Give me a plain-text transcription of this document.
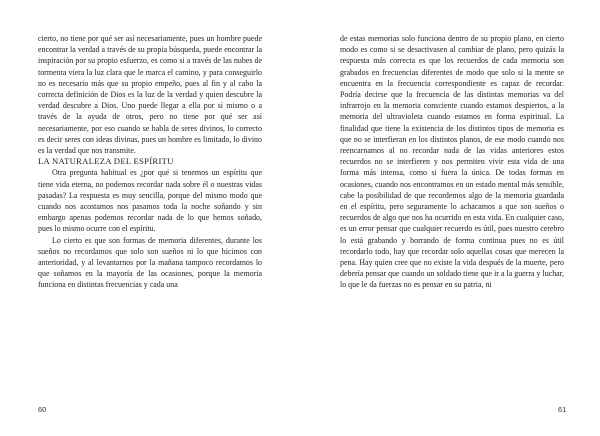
cierto, no tiene por qué ser así necesariamente, pues un hombre puede encontrar la verdad a través de su propia búsqueda, puede encontrar la inspiración por su propio esfuerzo, es como si a través de las nubes de tormenta viera la luz clara que le marca el camino, y para conseguirlo no es necesario más que su propio empeño, pues al fin y al cabo la correcta definición de Dios es la luz de la verdad y quien descubre la verdad descubre a Dios. Uno puede llegar a ella por sí mismo o a través de la ayuda de otros, pero no tiene por qué ser así necesariamente, por eso cuando se habla de seres divinos, lo correcto es decir seres con ideas divinas, pues un hombre es limitado, lo divino es la verdad que nos transmite.

LA NATURALEZA DEL ESPÍRITU

Otra pregunta habitual es ¿por qué si tenemos un espíritu que tiene vida eterna, no podemos recordar nada sobre él o nuestras vidas pasadas? La respuesta es muy sencilla, porque del mismo modo que cuando nos acostamos nos pasamos toda la noche soñando y sin embargo apenas podemos recordar nada de lo que hemos soñado, pues lo mismo ocurre con el espíritu.

Lo cierto es que son formas de memoria diferentes, durante los sueños no recordamos que solo son sueños ni lo que hicimos con anterioridad, y al levantarnos por la mañana tampoco recordamos lo que soñamos en la mayoría de las ocasiones, porque la memoria funciona en distintas frecuencias y cada una

60

de estas memorias solo funciona dentro de su propio plano, en cierto modo es como si se desactivasen al cambiar de plano, pero quizás la respuesta más correcta es que los recuerdos de cada memoria son grabados en frecuencias diferentes de modo que solo si la mente se encuentra en la frecuencia correspondiente es capaz de recordar. Podría decirse que la frecuencia de las distintas memorias va del infrarrojo en la memoria consciente cuando estamos despiertos, a la memoria del ultravioleta cuando estamos en forma espiritual. La finalidad que tiene la existencia de los distintos tipos de memoria es que no se interfieran en los distintos planos, de ese modo cuando nos reencarnamos al no recordar nada de las vidas anteriores estos recuerdos no se interfieren y nos permiten vivir esta vida de una forma más intensa, como si fuera la única. De todas formas en ocasiones, cuando nos encontramos en un estado mental más sensible, cabe la posibilidad de que recordemos algo de la memoria guardada en el espíritu, pero seguramente lo achacamos a que son sueños o recuerdos de algo que nos ha ocurrido en esta vida. En cualquier caso, es un error pensar que cualquier recuerdo es útil, pues nuestro cerebro lo está grabando y borrando de forma continua pues no es útil recordarlo todo, hay que recordar solo aquellas cosas que merecen la pena. Hay quien cree que no existe la vida después de la muerte, pero debería pensar que cuando un soldado tiene que ir a la guerra y luchar, lo que le da fuerzas no es pensar en su patria, ni

61
